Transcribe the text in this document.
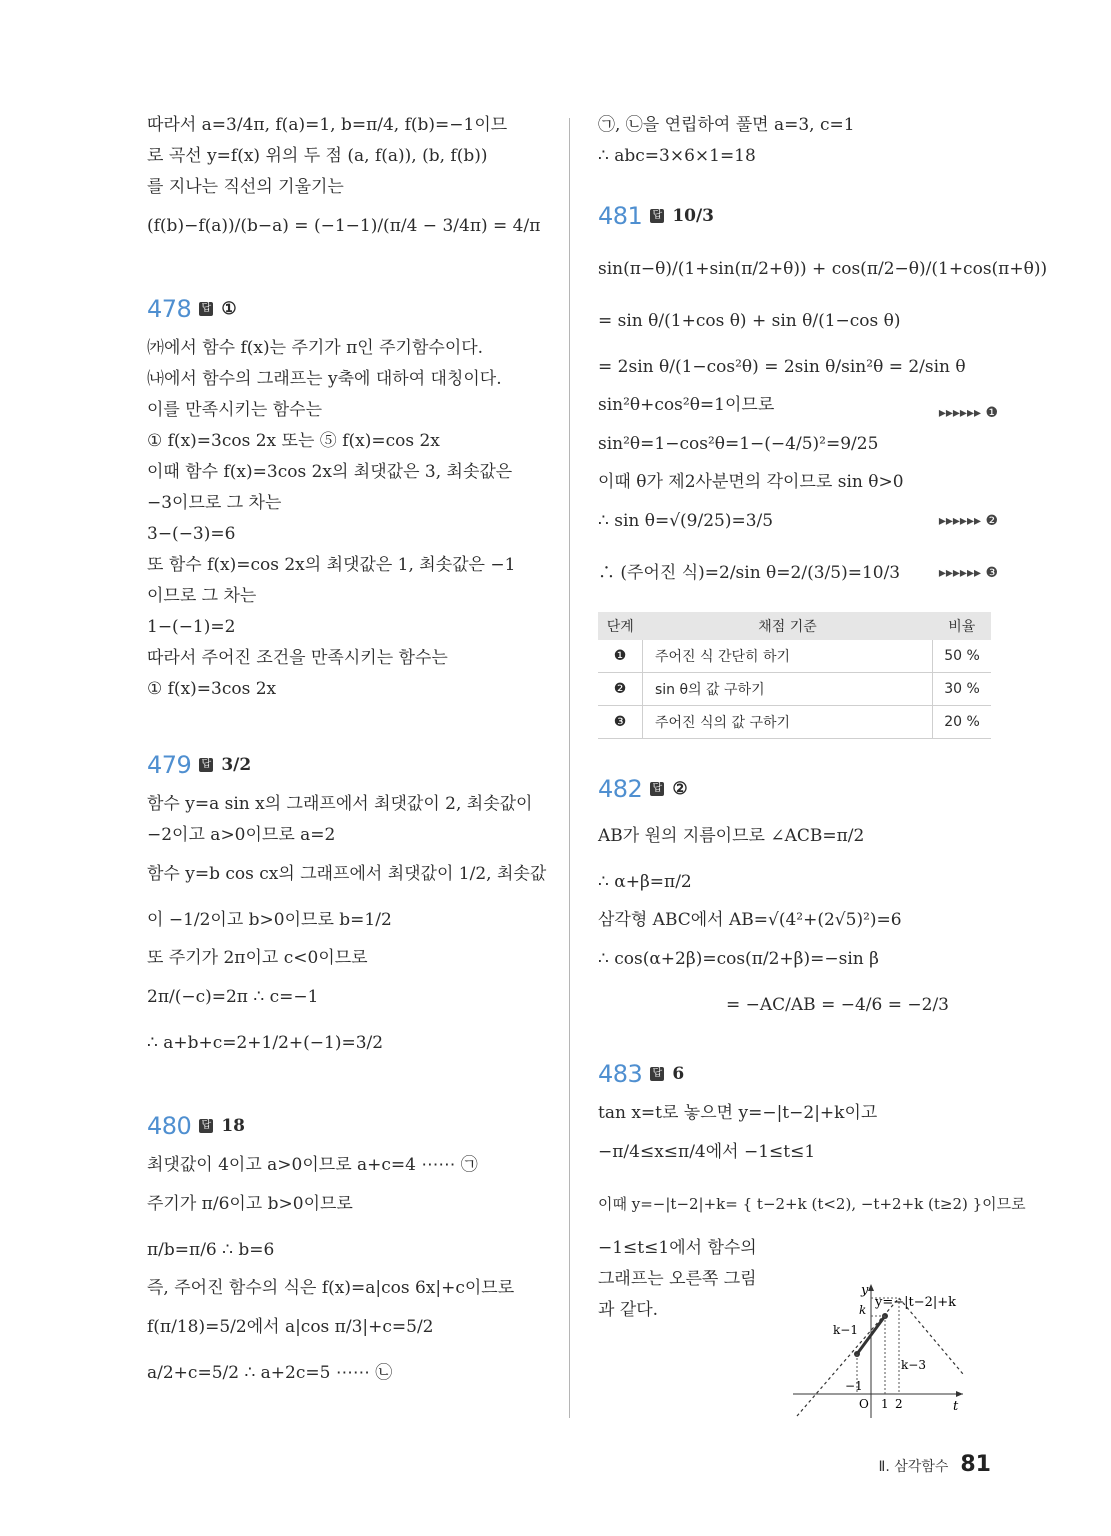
따라서 a=3/4π, f(a)=1, b=π/4, f(b)=−1이므
로 곡선 y=f(x) 위의 두 점 (a, f(a)), (b, f(b))
를 지나는 직선의 기울기는
(f(b)−f(a))/(b−a) = (−1−1)/(π/4 − 3/4π) = 4/π
478 답 ①
㈎에서 함수 f(x)는 주기가 π인 주기함수이다.
㈏에서 함수의 그래프는 y축에 대하여 대칭이다.
이를 만족시키는 함수는
① f(x)=3cos 2x 또는 ⑤ f(x)=cos 2x
이때 함수 f(x)=3cos 2x의 최댓값은 3, 최솟값은
−3이므로 그 차는
3−(−3)=6
또 함수 f(x)=cos 2x의 최댓값은 1, 최솟값은 −1
이므로 그 차는
1−(−1)=2
따라서 주어진 조건을 만족시키는 함수는
① f(x)=3cos 2x
479 답 3/2
함수 y=a sin x의 그래프에서 최댓값이 2, 최솟값이
−2이고 a>0이므로 a=2
함수 y=b cos cx의 그래프에서 최댓값이 1/2, 최솟값
이 −1/2이고 b>0이므로 b=1/2
또 주기가 2π이고 c<0이므로
2π/(−c)=2π ∴ c=−1
∴ a+b+c=2+1/2+(−1)=3/2
480 답 18
최댓값이 4이고 a>0이므로 a+c=4 ⋯⋯ ㉠
주기가 π/6이고 b>0이므로
π/b=π/6 ∴ b=6
즉, 주어진 함수의 식은 f(x)=a|cos 6x|+c이므로
f(π/18)=5/2에서 a|cos π/3|+c=5/2
a/2+c=5/2 ∴ a+2c=5 ⋯⋯ ㉡
㉠, ㉡을 연립하여 풀면 a=3, c=1
∴ abc=3×6×1=18
481 답 10/3
sin(π−θ)/(1+sin(π/2+θ)) + cos(π/2−θ)/(1+cos(π+θ))
= sin θ/(1+cos θ) + sin θ/(1−cos θ)
= 2sin θ/(1−cos²θ) = 2sin θ/sin²θ = 2/sin θ
▸▸▸▸▸▸ ❶
sin²θ+cos²θ=1이므로
sin²θ=1−cos²θ=1−(−4/5)²=9/25
이때 θ가 제2사분면의 각이므로 sin θ>0
∴ sin θ=√(9/25)=3/5	▸▸▸▸▸▸ ❷
∴ (주어진 식)=2/sin θ=2/(3/5)=10/3	▸▸▸▸▸▸ ❸
단계	채점 기준	비율
❶	주어진 식 간단히 하기	50 %
❷	sin θ의 값 구하기	30 %
❸	주어진 식의 값 구하기	20 %
482 답 ②
AB가 원의 지름이므로 ∠ACB=π/2
∴ α+β=π/2
삼각형 ABC에서 AB=√(4²+(2√5)²)=6
∴ cos(α+2β)=cos(π/2+β)=−sin β
= −AC/AB = −4/6 = −2/3
483 답 6
tan x=t로 놓으면 y=−|t−2|+k이고
−π/4≤x≤π/4에서 −1≤t≤1
이때 y=−|t−2|+k= { t−2+k (t<2), −t+2+k (t≥2) }이므로
−1≤t≤1에서 함수의
그래프는 오른쪽 그림
과 같다.
y
t
y=−|t−2|+k
k
k−1
k−3
−1
O 1 2
Ⅱ. 삼각함수 81
